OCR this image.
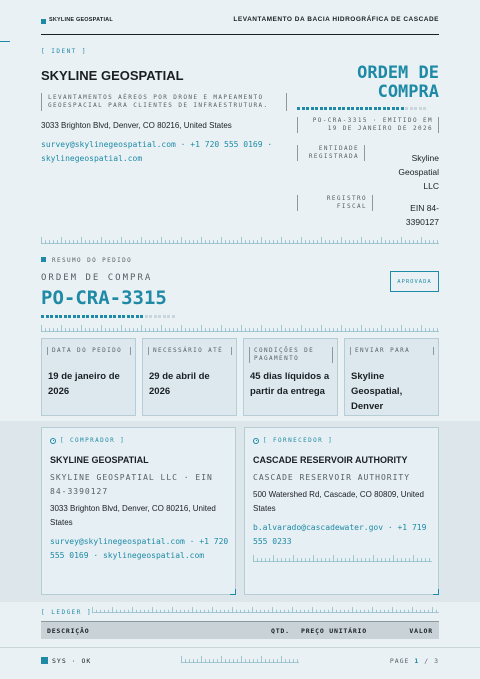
SKYLINE GEOSPATIAL	LEVANTAMENTO DA BACIA HIDROGRÁFICA DE CASCADE
[ IDENT ]
SKYLINE GEOSPATIAL
LEVANTAMENTOS AÉREOS POR DRONE E MAPEAMENTO GEOESPACIAL PARA CLIENTES DE INFRAESTRUTURA.
3033 Brighton Blvd, Denver, CO 80216, United States
survey@skylinegeospatial.com · +1 720 555 0169 · skylinegeospatial.com
ORDEM DE
COMPRA
PO-CRA-3315 · EMITIDO EM 19 DE JANEIRO DE 2026
ENTIDADE REGISTRADA	Skyline Geospatial LLC
REGISTRO FISCAL	EIN 84-3390127
RESUMO DO PEDIDO
ORDEM DE COMPRA
PO-CRA-3315
APROVADA
DATA DO PEDIDO
19 de janeiro de 2026
NECESSÁRIO ATÉ
29 de abril de 2026
CONDIÇÕES DE PAGAMENTO
45 dias líquidos a partir da entrega
ENVIAR PARA
Skyline Geospatial, Denver
[ COMPRADOR ]
SKYLINE GEOSPATIAL
SKYLINE GEOSPATIAL LLC · EIN 84-3390127
3033 Brighton Blvd, Denver, CO 80216, United States
survey@skylinegeospatial.com · +1 720 555 0169 · skylinegeospatial.com
[ FORNECEDOR ]
CASCADE RESERVOIR AUTHORITY
CASCADE RESERVOIR AUTHORITY
500 Watershed Rd, Cascade, CO 80809, United States
b.alvarado@cascadewater.gov · +1 719 555 0233
[ LEDGER ]
DESCRIÇÃO	QTD. PREÇO UNITÁRIO	VALOR
SYS · OK	PAGE 1 / 3
